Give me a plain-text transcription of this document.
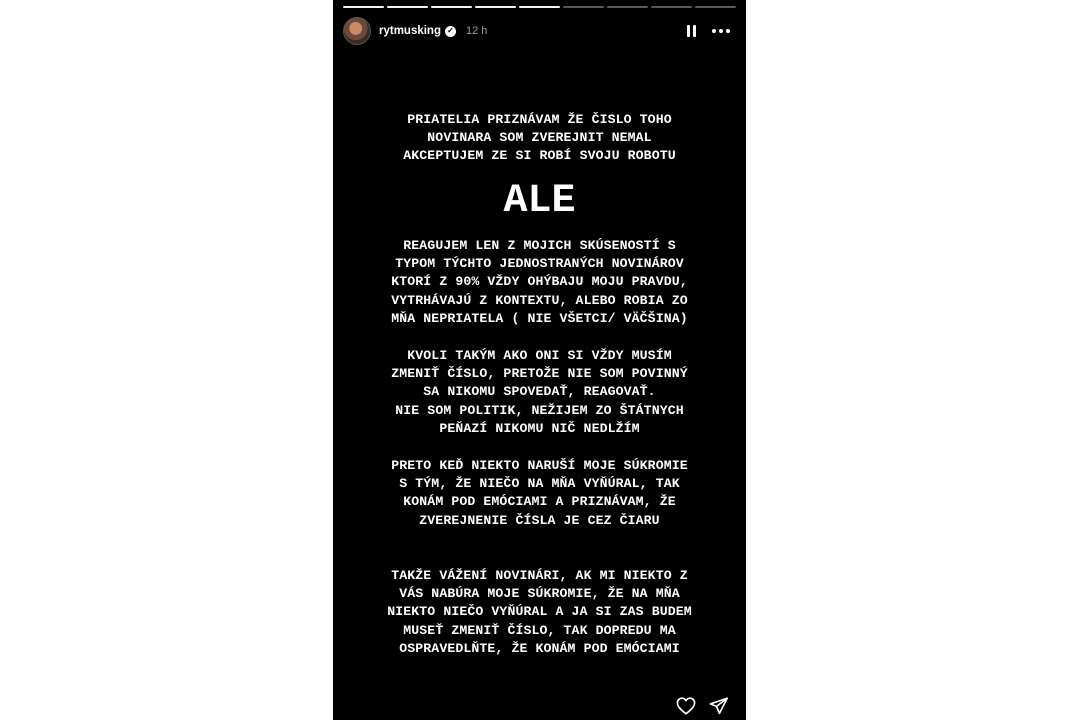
rytmusking ✓ 12 h
PRIATELIA PRIZNÁVAM ŽE ČISLO TOHO
NOVINARA SOM ZVEREJNIT NEMAL
AKCEPTUJEM ZE SI ROBÍ SVOJU ROBOTU
ALE
REAGUJEM LEN Z MOJICH SKÚSENOSTÍ S
TYPOM TÝCHTO JEDNOSTRANÝCH NOVINÁROV
KTORÍ Z 90% VŽDY OHÝBAJU MOJU PRAVDU,
VYTRHÁVAJÚ Z KONTEXTU, ALEBO ROBIA ZO
MŇA NEPRIATELA ( NIE VŠETCI/ VÄČŠINA)
KVOLI TAKÝM AKO ONI SI VŽDY MUSÍM
ZMENIŤ ČÍSLO, PRETOŽE NIE SOM POVINNÝ
SA NIKOMU SPOVEDAŤ, REAGOVAŤ.
NIE SOM POLITIK, NEŽIJEM ZO ŠTÁTNYCH
PEŇAZÍ NIKOMU NIČ NEDLŽÍM
PRETO KEĎ NIEKTO NARUŠÍ MOJE SÚKROMIE
S TÝM, ŽE NIEČO NA MŇA VYŇÚRAL, TAK
KONÁM POD EMÓCIAMI A PRIZNÁVAM, ŽE
ZVEREJNENIE ČÍSLA JE CEZ ČIARU
TAKŽE VÁŽENÍ NOVINÁRI, AK MI NIEKTO Z
VÁS NABÚRA MOJE SÚKROMIE, ŽE NA MŇA
NIEKTO NIEČO VYŇÚRAL A JA SI ZAS BUDEM
MUSEŤ ZMENIŤ ČÍSLO, TAK DOPREDU MA
OSPRAVEDLŇTE, ŽE KONÁM POD EMÓCIAMI
